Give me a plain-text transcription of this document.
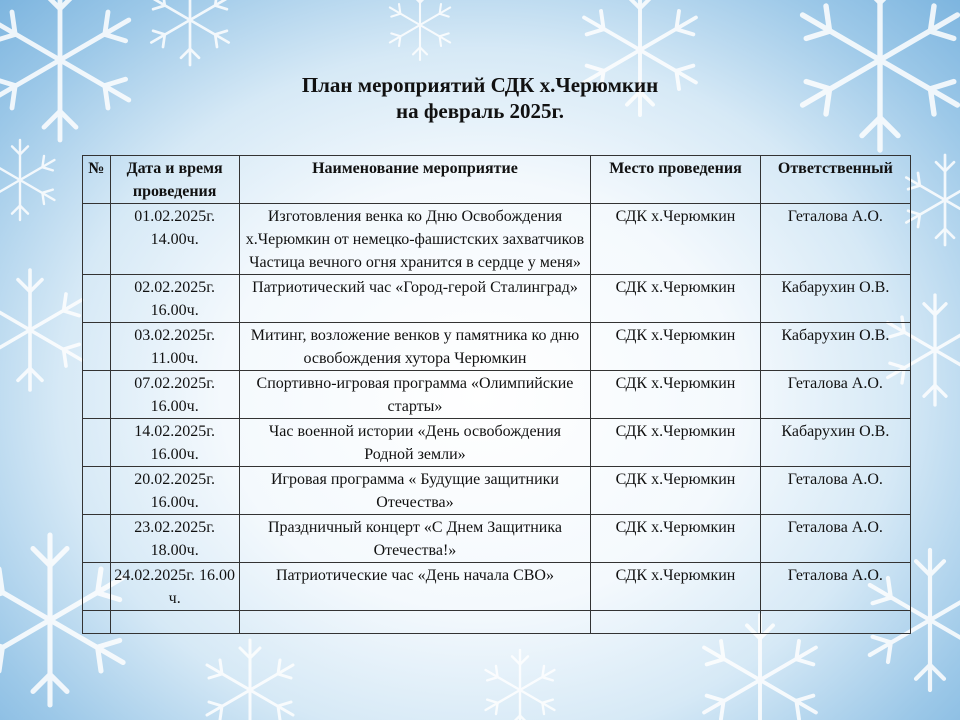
План мероприятий СДК х.Черюмкин
на февраль 2025г.
№	Дата и время проведения	Наименование мероприятие	Место проведения	Ответственный
	01.02.2025г. 14.00ч.	Изготовления венка ко Дню Освобождения х.Черюмкин от немецко-фашистских захватчиков Частица вечного огня хранится в сердце у меня»	СДК х.Черюмкин	Геталова А.О.
	02.02.2025г. 16.00ч.	Патриотический час «Город-герой Сталинград»	СДК х.Черюмкин	Кабарухин О.В.
	03.02.2025г. 11.00ч.	Митинг, возложение венков у памятника ко дню освобождения хутора Черюмкин	СДК х.Черюмкин	Кабарухин О.В.
	07.02.2025г. 16.00ч.	Спортивно-игровая программа «Олимпийские старты»	СДК х.Черюмкин	Геталова А.О.
	14.02.2025г. 16.00ч.	Час военной истории «День освобождения Родной земли»	СДК х.Черюмкин	Кабарухин О.В.
	20.02.2025г. 16.00ч.	Игровая программа « Будущие защитники Отечества»	СДК х.Черюмкин	Геталова А.О.
	23.02.2025г. 18.00ч.	Праздничный концерт «С Днем Защитника Отечества!»	СДК х.Черюмкин	Геталова А.О.
	24.02.2025г. 16.00 ч.	Патриотические час «День начала СВО»	СДК х.Черюмкин	Геталова А.О.
